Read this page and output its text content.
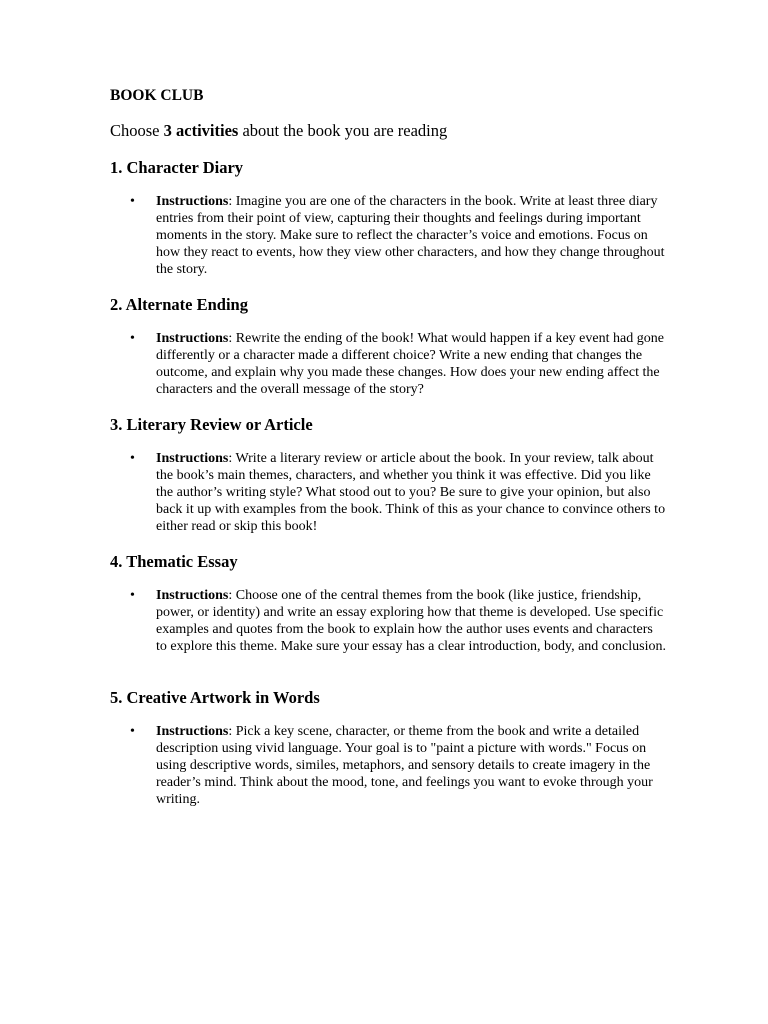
BOOK CLUB

Choose 3 activities about the book you are reading

1. Character Diary
• Instructions: Imagine you are one of the characters in the book. Write at least three diary entries from their point of view, capturing their thoughts and feelings during important moments in the story. Make sure to reflect the character’s voice and emotions. Focus on how they react to events, how they view other characters, and how they change throughout the story.
2. Alternate Ending
• Instructions: Rewrite the ending of the book! What would happen if a key event had gone differently or a character made a different choice? Write a new ending that changes the outcome, and explain why you made these changes. How does your new ending affect the characters and the overall message of the story?
3. Literary Review or Article
• Instructions: Write a literary review or article about the book. In your review, talk about the book’s main themes, characters, and whether you think it was effective. Did you like the author’s writing style? What stood out to you? Be sure to give your opinion, but also back it up with examples from the book. Think of this as your chance to convince others to either read or skip this book!
4. Thematic Essay
• Instructions: Choose one of the central themes from the book (like justice, friendship, power, or identity) and write an essay exploring how that theme is developed. Use specific examples and quotes from the book to explain how the author uses events and characters to explore this theme. Make sure your essay has a clear introduction, body, and conclusion.
5. Creative Artwork in Words
• Instructions: Pick a key scene, character, or theme from the book and write a detailed description using vivid language. Your goal is to "paint a picture with words." Focus on using descriptive words, similes, metaphors, and sensory details to create imagery in the reader’s mind. Think about the mood, tone, and feelings you want to evoke through your writing.
